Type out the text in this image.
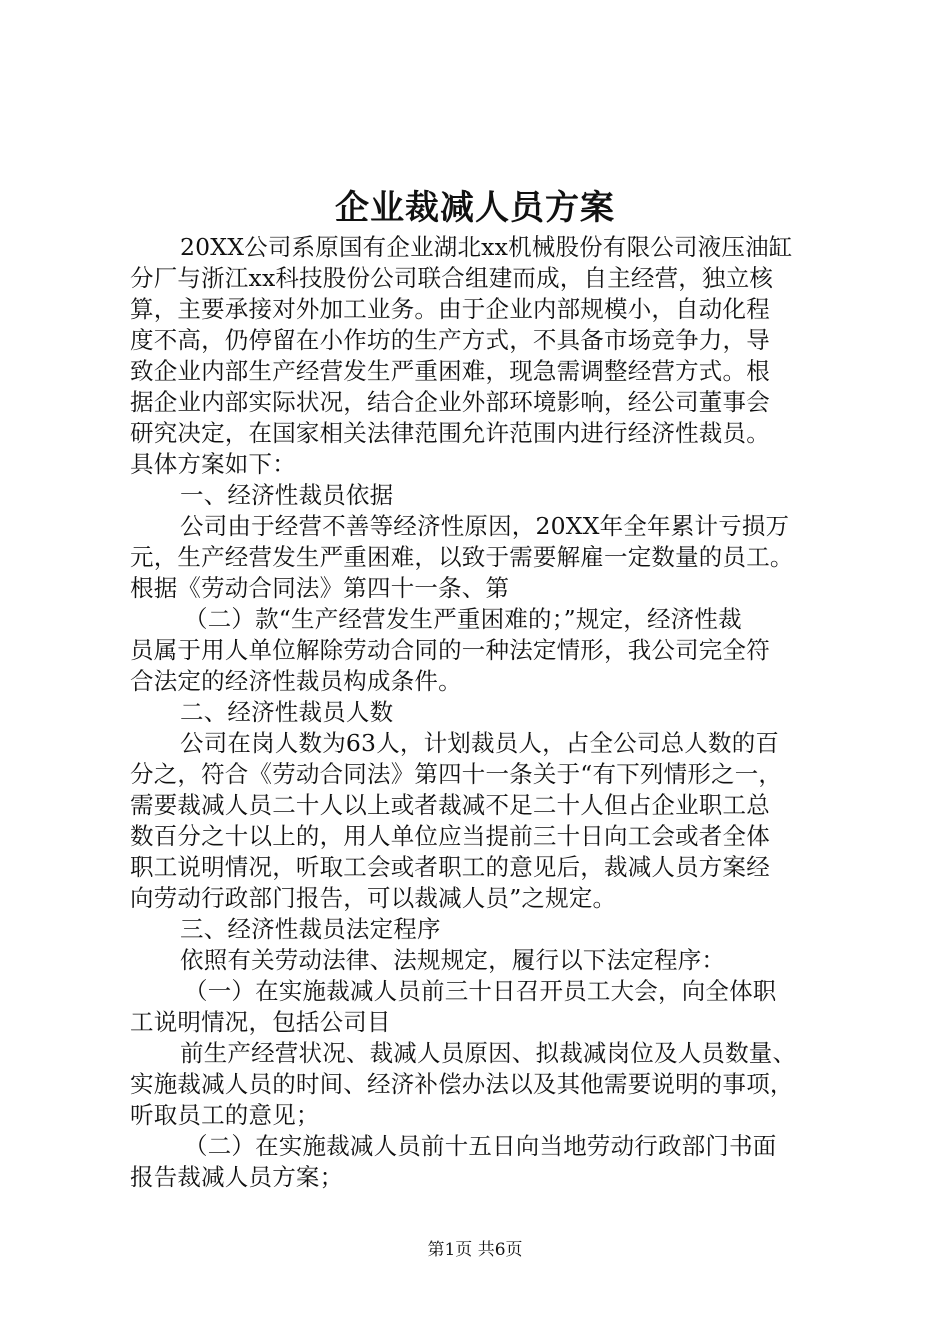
企业裁减人员方案
20XX公司系原国有企业湖北xx机械股份有限公司液压油缸
分厂与浙江xx科技股份公司联合组建而成，自主经营，独立核
算，主要承接对外加工业务。由于企业内部规模小，自动化程
度不高，仍停留在小作坊的生产方式，不具备市场竞争力，导
致企业内部生产经营发生严重困难，现急需调整经营方式。根
据企业内部实际状况，结合企业外部环境影响，经公司董事会
研究决定，在国家相关法律范围允许范围内进行经济性裁员。
具体方案如下：
一、经济性裁员依据
公司由于经营不善等经济性原因，20XX年全年累计亏损万
元，生产经营发生严重困难，以致于需要解雇一定数量的员工。
根据《劳动合同法》第四十一条、第
（二）款“生产经营发生严重困难的；”规定，经济性裁
员属于用人单位解除劳动合同的一种法定情形，我公司完全符
合法定的经济性裁员构成条件。
二、经济性裁员人数
公司在岗人数为63人，计划裁员人，占全公司总人数的百
分之，符合《劳动合同法》第四十一条关于“有下列情形之一，
需要裁减人员二十人以上或者裁减不足二十人但占企业职工总
数百分之十以上的，用人单位应当提前三十日向工会或者全体
职工说明情况，听取工会或者职工的意见后，裁减人员方案经
向劳动行政部门报告，可以裁减人员”之规定。
三、经济性裁员法定程序
依照有关劳动法律、法规规定，履行以下法定程序：
（一）在实施裁减人员前三十日召开员工大会，向全体职
工说明情况，包括公司目
前生产经营状况、裁减人员原因、拟裁减岗位及人员数量、
实施裁减人员的时间、经济补偿办法以及其他需要说明的事项，
听取员工的意见；
（二）在实施裁减人员前十五日向当地劳动行政部门书面
报告裁减人员方案；
第1页 共6页
